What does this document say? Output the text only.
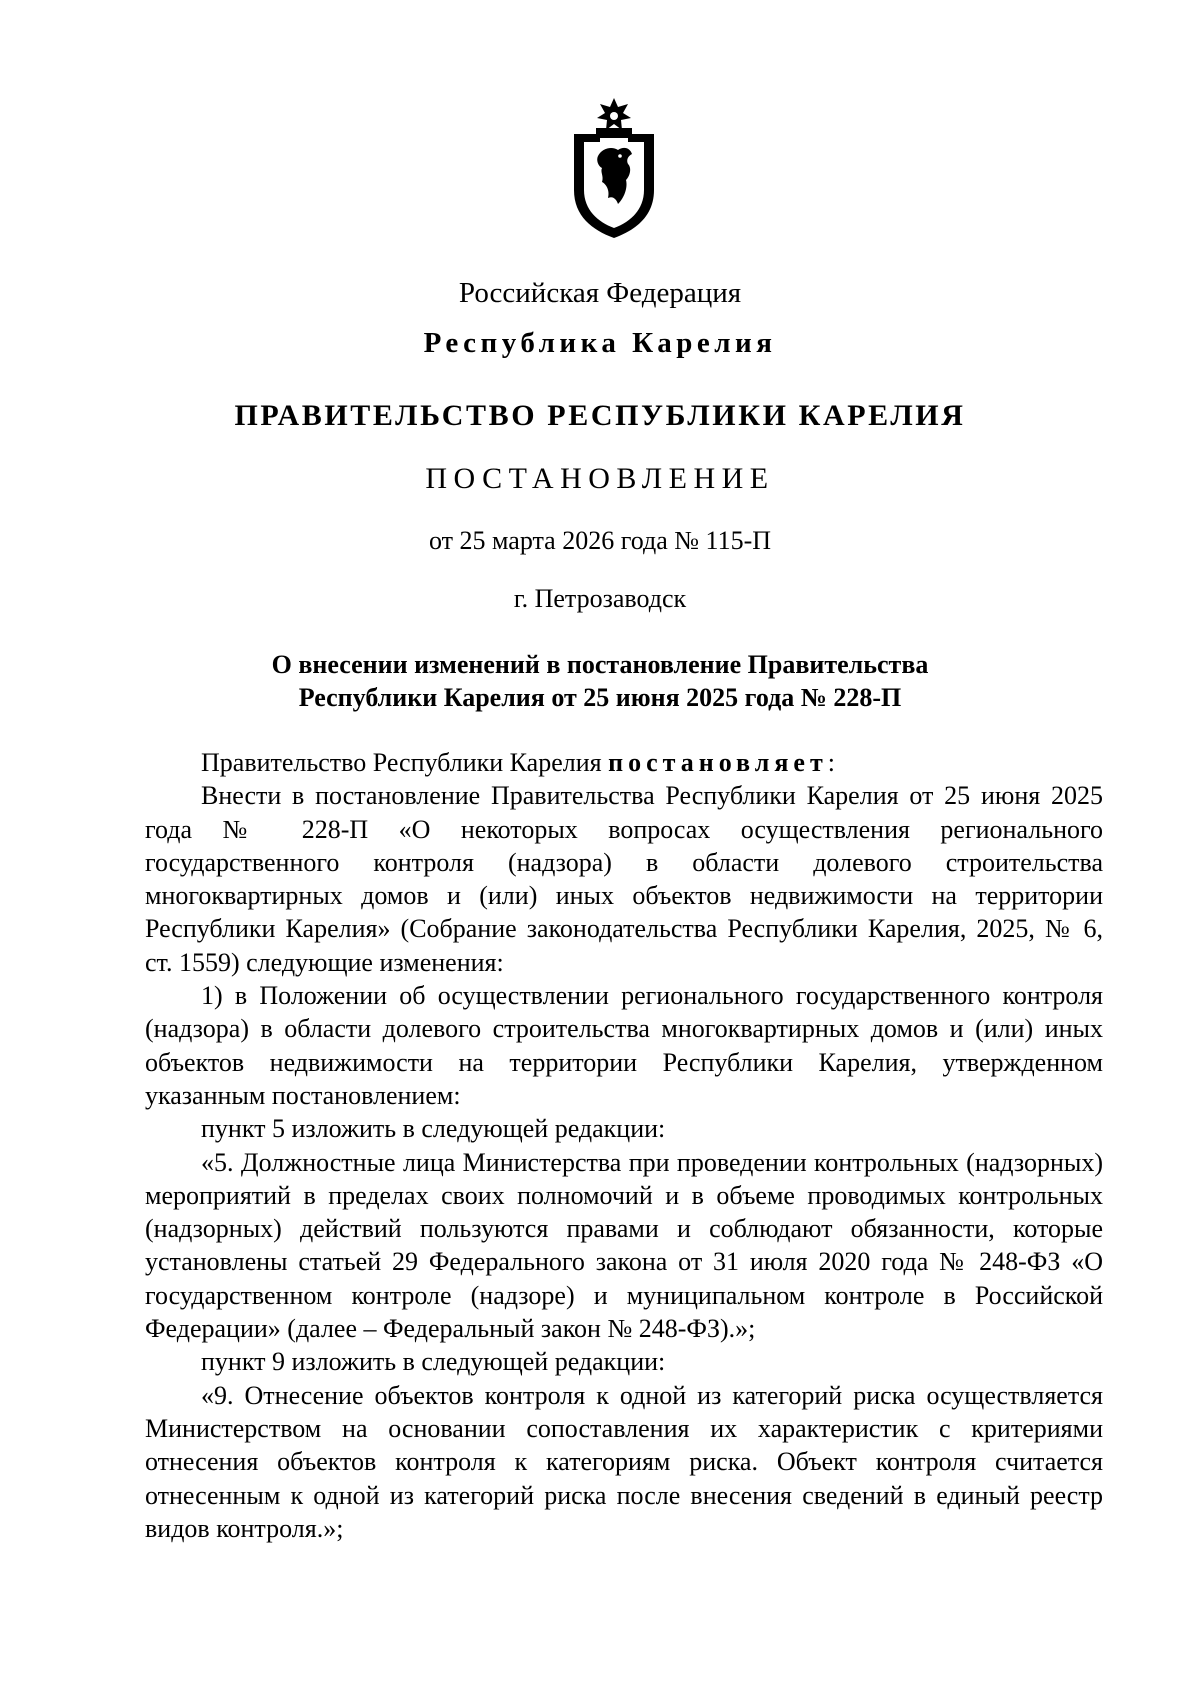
Российская Федерация
Республика Карелия
ПРАВИТЕЛЬСТВО РЕСПУБЛИКИ КАРЕЛИЯ
ПОСТАНОВЛЕНИЕ
от 25 марта 2026 года № 115-П
г. Петрозаводск
О внесении изменений в постановление Правительства
Республики Карелия от 25 июня 2025 года № 228-П

Правительство Республики Карелия постановляет:

Внести в постановление Правительства Республики Карелия от 25 июня 2025 года № 228-П «О некоторых вопросах осуществления регионального государственного контроля (надзора) в области долевого строительства многоквартирных домов и (или) иных объектов недвижимости на территории Республики Карелия» (Собрание законодательства Республики Карелия, 2025, № 6, ст. 1559) следующие изменения:

1) в Положении об осуществлении регионального государственного контроля (надзора) в области долевого строительства многоквартирных домов и (или) иных объектов недвижимости на территории Республики Карелия, утвержденном указанным постановлением:

пункт 5 изложить в следующей редакции:

«5. Должностные лица Министерства при проведении контрольных (надзорных) мероприятий в пределах своих полномочий и в объеме проводимых контрольных (надзорных) действий пользуются правами и соблюдают обязанности, которые установлены статьей 29 Федерального закона от 31 июля 2020 года № 248-ФЗ «О государственном контроле (надзоре) и муниципальном контроле в Российской Федерации» (далее – Федеральный закон № 248-ФЗ).»;

пункт 9 изложить в следующей редакции:

«9. Отнесение объектов контроля к одной из категорий риска осуществляется Министерством на основании сопоставления их характеристик с критериями отнесения объектов контроля к категориям риска. Объект контроля считается отнесенным к одной из категорий риска после внесения сведений в единый реестр видов контроля.»;
